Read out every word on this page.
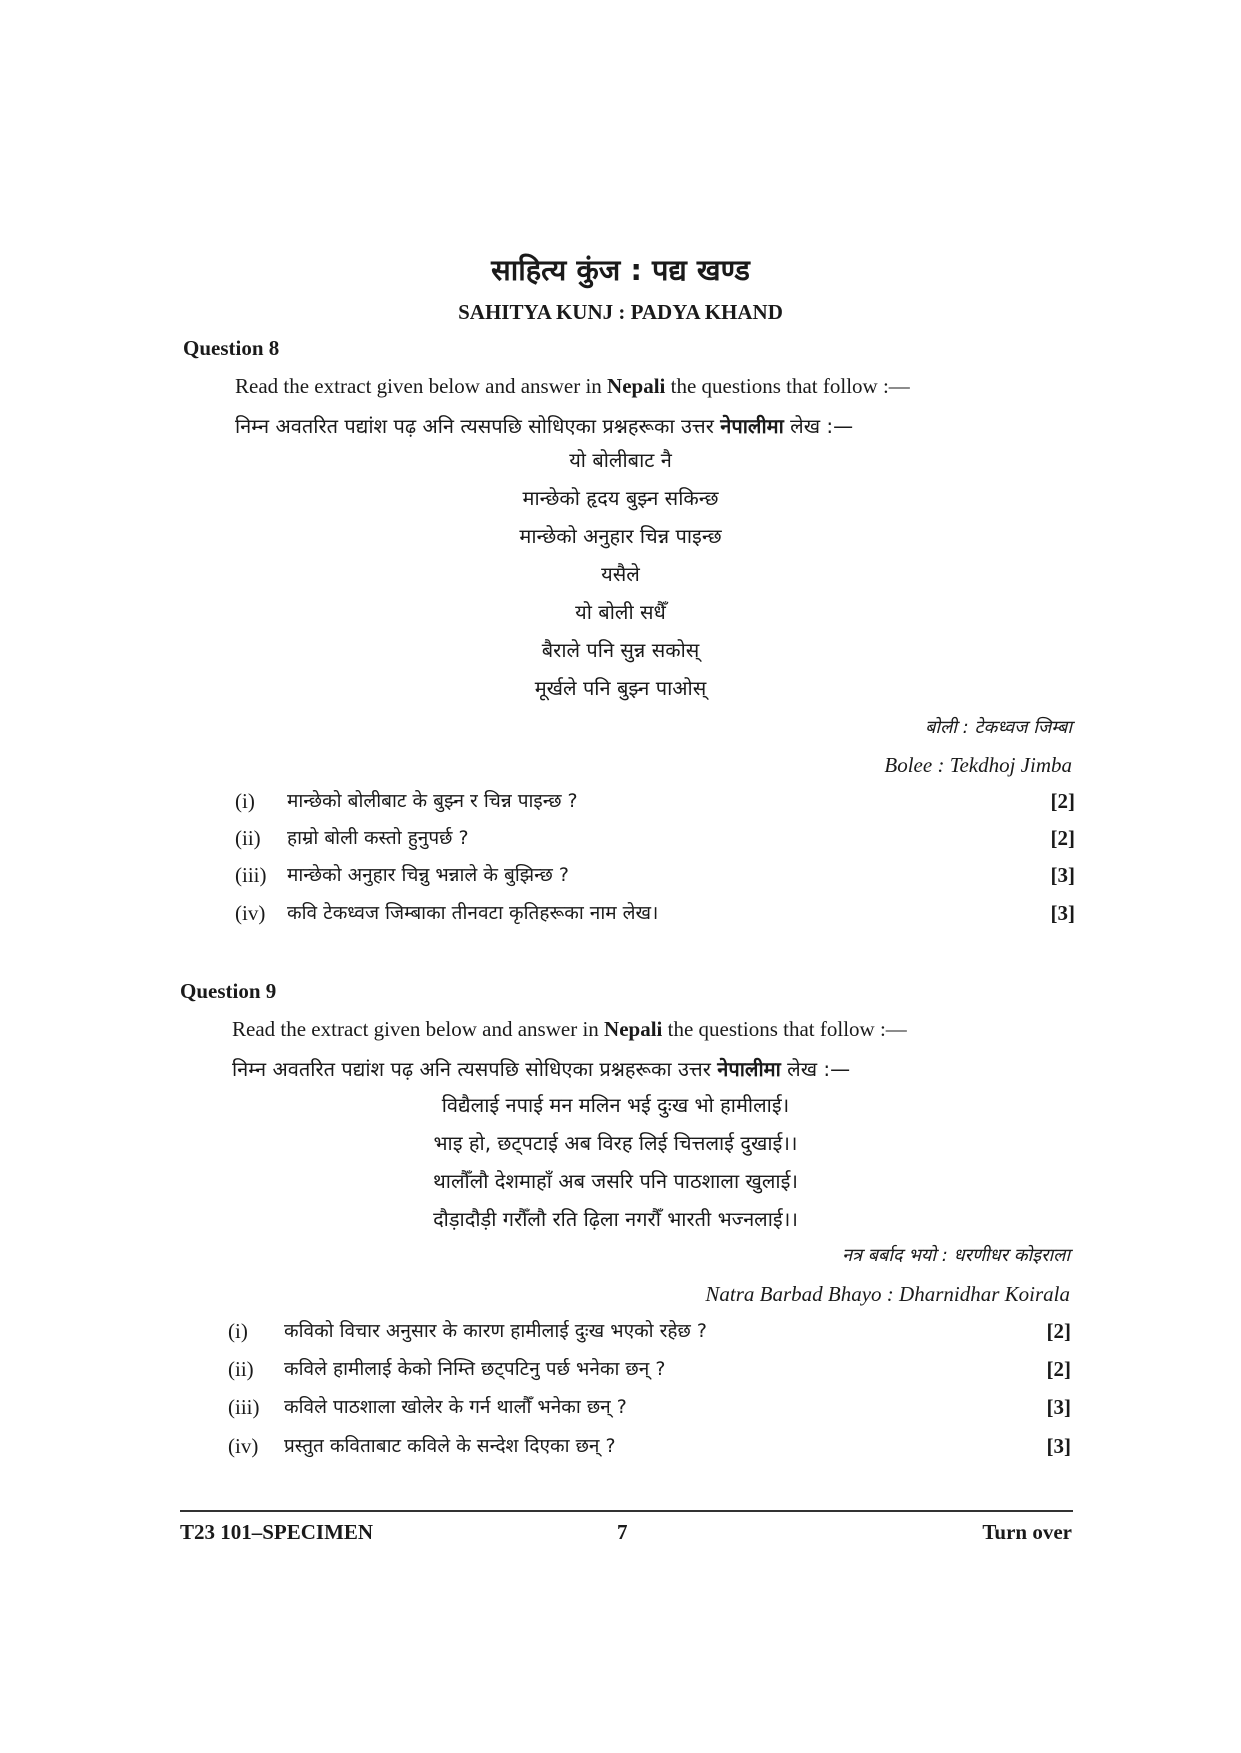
साहित्य कुंज : पद्य खण्ड
SAHITYA KUNJ : PADYA KHAND
Question 8
Read the extract given below and answer in Nepali the questions that follow :—
निम्न अवतरित पद्यांश पढ़ अनि त्यसपछि सोधिएका प्रश्नहरूका उत्तर नेपालीमा लेख :—
यो बोलीबाट नै
मान्छेको हृदय बुझ्न सकिन्छ
मान्छेको अनुहार चिन्न पाइन्छ
यसैले
यो बोली सधैँ
बैराले पनि सुन्न सकोस्
मूर्खले पनि बुझ्न पाओस्
बोली : टेकध्वज जिम्बा
Bolee : Tekdhoj Jimba
(i) मान्छेको बोलीबाट के बुझ्न र चिन्न पाइन्छ ?	[2]
(ii) हाम्रो बोली कस्तो हुनुपर्छ ?	[2]
(iii) मान्छेको अनुहार चिन्नु भन्नाले के बुझिन्छ ?	[3]
(iv) कवि टेकध्वज जिम्बाका तीनवटा कृतिहरूका नाम लेख।	[3]
Question 9
Read the extract given below and answer in Nepali the questions that follow :—
निम्न अवतरित पद्यांश पढ़ अनि त्यसपछि सोधिएका प्रश्नहरूका उत्तर नेपालीमा लेख :—
विद्यैलाई नपाई मन मलिन भई दुःख भो हामीलाई।
भाइ हो, छट्पटाई अब विरह लिई चित्तलाई दुखाई।।
थालौँलौ देशमाहाँ अब जसरि पनि पाठशाला खुलाई।
दौड़ादौड़ी गरौँलौ रति ढ़िला नगरौँ भारती भज्नलाई।।
नत्र बर्बाद भयो : धरणीधर कोइराला
Natra Barbad Bhayo : Dharnidhar Koirala
(i) कविको विचार अनुसार के कारण हामीलाई दुःख भएको रहेछ ?	[2]
(ii) कविले हामीलाई केको निम्ति छट्पटिनु पर्छ भनेका छन् ?	[2]
(iii) कविले पाठशाला खोलेर के गर्न थालौँ भनेका छन् ?	[3]
(iv) प्रस्तुत कविताबाट कविले के सन्देश दिएका छन् ?	[3]
T23 101–SPECIMEN	7	Turn over
